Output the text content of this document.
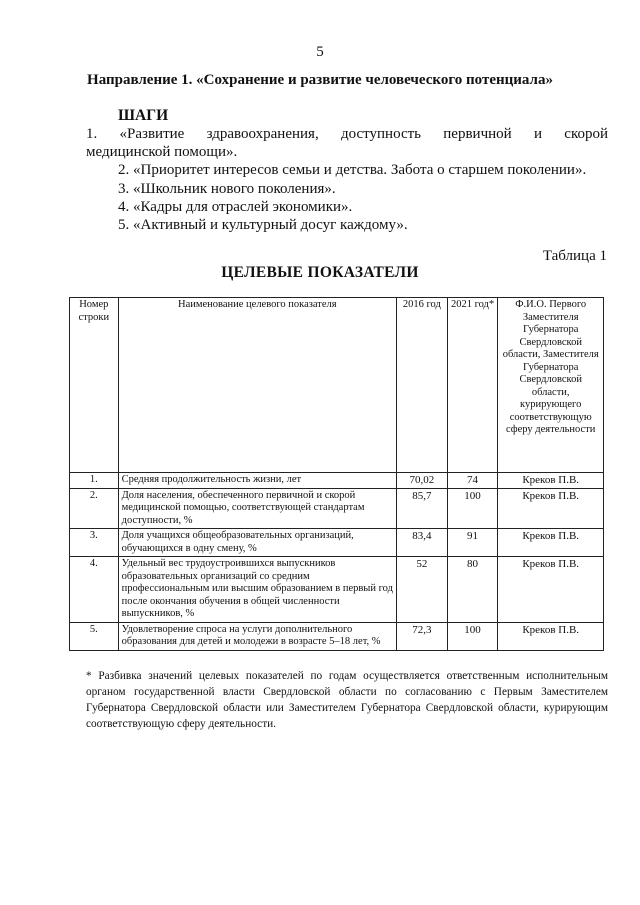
5
Направление 1. «Сохранение и развитие человеческого потенциала»
ШАГИ
1. «Развитие здравоохранения, доступность первичной и скорой
медицинской помощи».
2. «Приоритет интересов семьи и детства. Забота о старшем поколении».
3. «Школьник нового поколения».
4. «Кадры для отраслей экономики».
5. «Активный и культурный досуг каждому».
Таблица 1
ЦЕЛЕВЫЕ ПОКАЗАТЕЛИ
Номер строки	Наименование целевого показателя	2016 год	2021 год*	Ф.И.О. Первого Заместителя Губернатора Свердловской области, Заместителя Губернатора Свердловской области, курирующего соответствующую сферу деятельности
1.	Средняя продолжительность жизни, лет	70,02	74	Креков П.В.
2.	Доля населения, обеспеченного первичной и скорой медицинской помощью, соответствующей стандартам доступности, %	85,7	100	Креков П.В.
3.	Доля учащихся общеобразовательных организаций, обучающихся в одну смену, %	83,4	91	Креков П.В.
4.	Удельный вес трудоустроившихся выпускников образовательных организаций со средним профессиональным или высшим образованием в первый год после окончания обучения в общей численности выпускников, %	52	80	Креков П.В.
5.	Удовлетворение спроса на услуги дополнительного образования для детей и молодежи в возрасте 5–18 лет, %	72,3	100	Креков П.В.
* Разбивка значений целевых показателей по годам осуществляется ответственным исполнительным органом государственной власти Свердловской области по согласованию с Первым Заместителем Губернатора Свердловской области или Заместителем Губернатора Свердловской области, курирующим соответствующую сферу деятельности.
